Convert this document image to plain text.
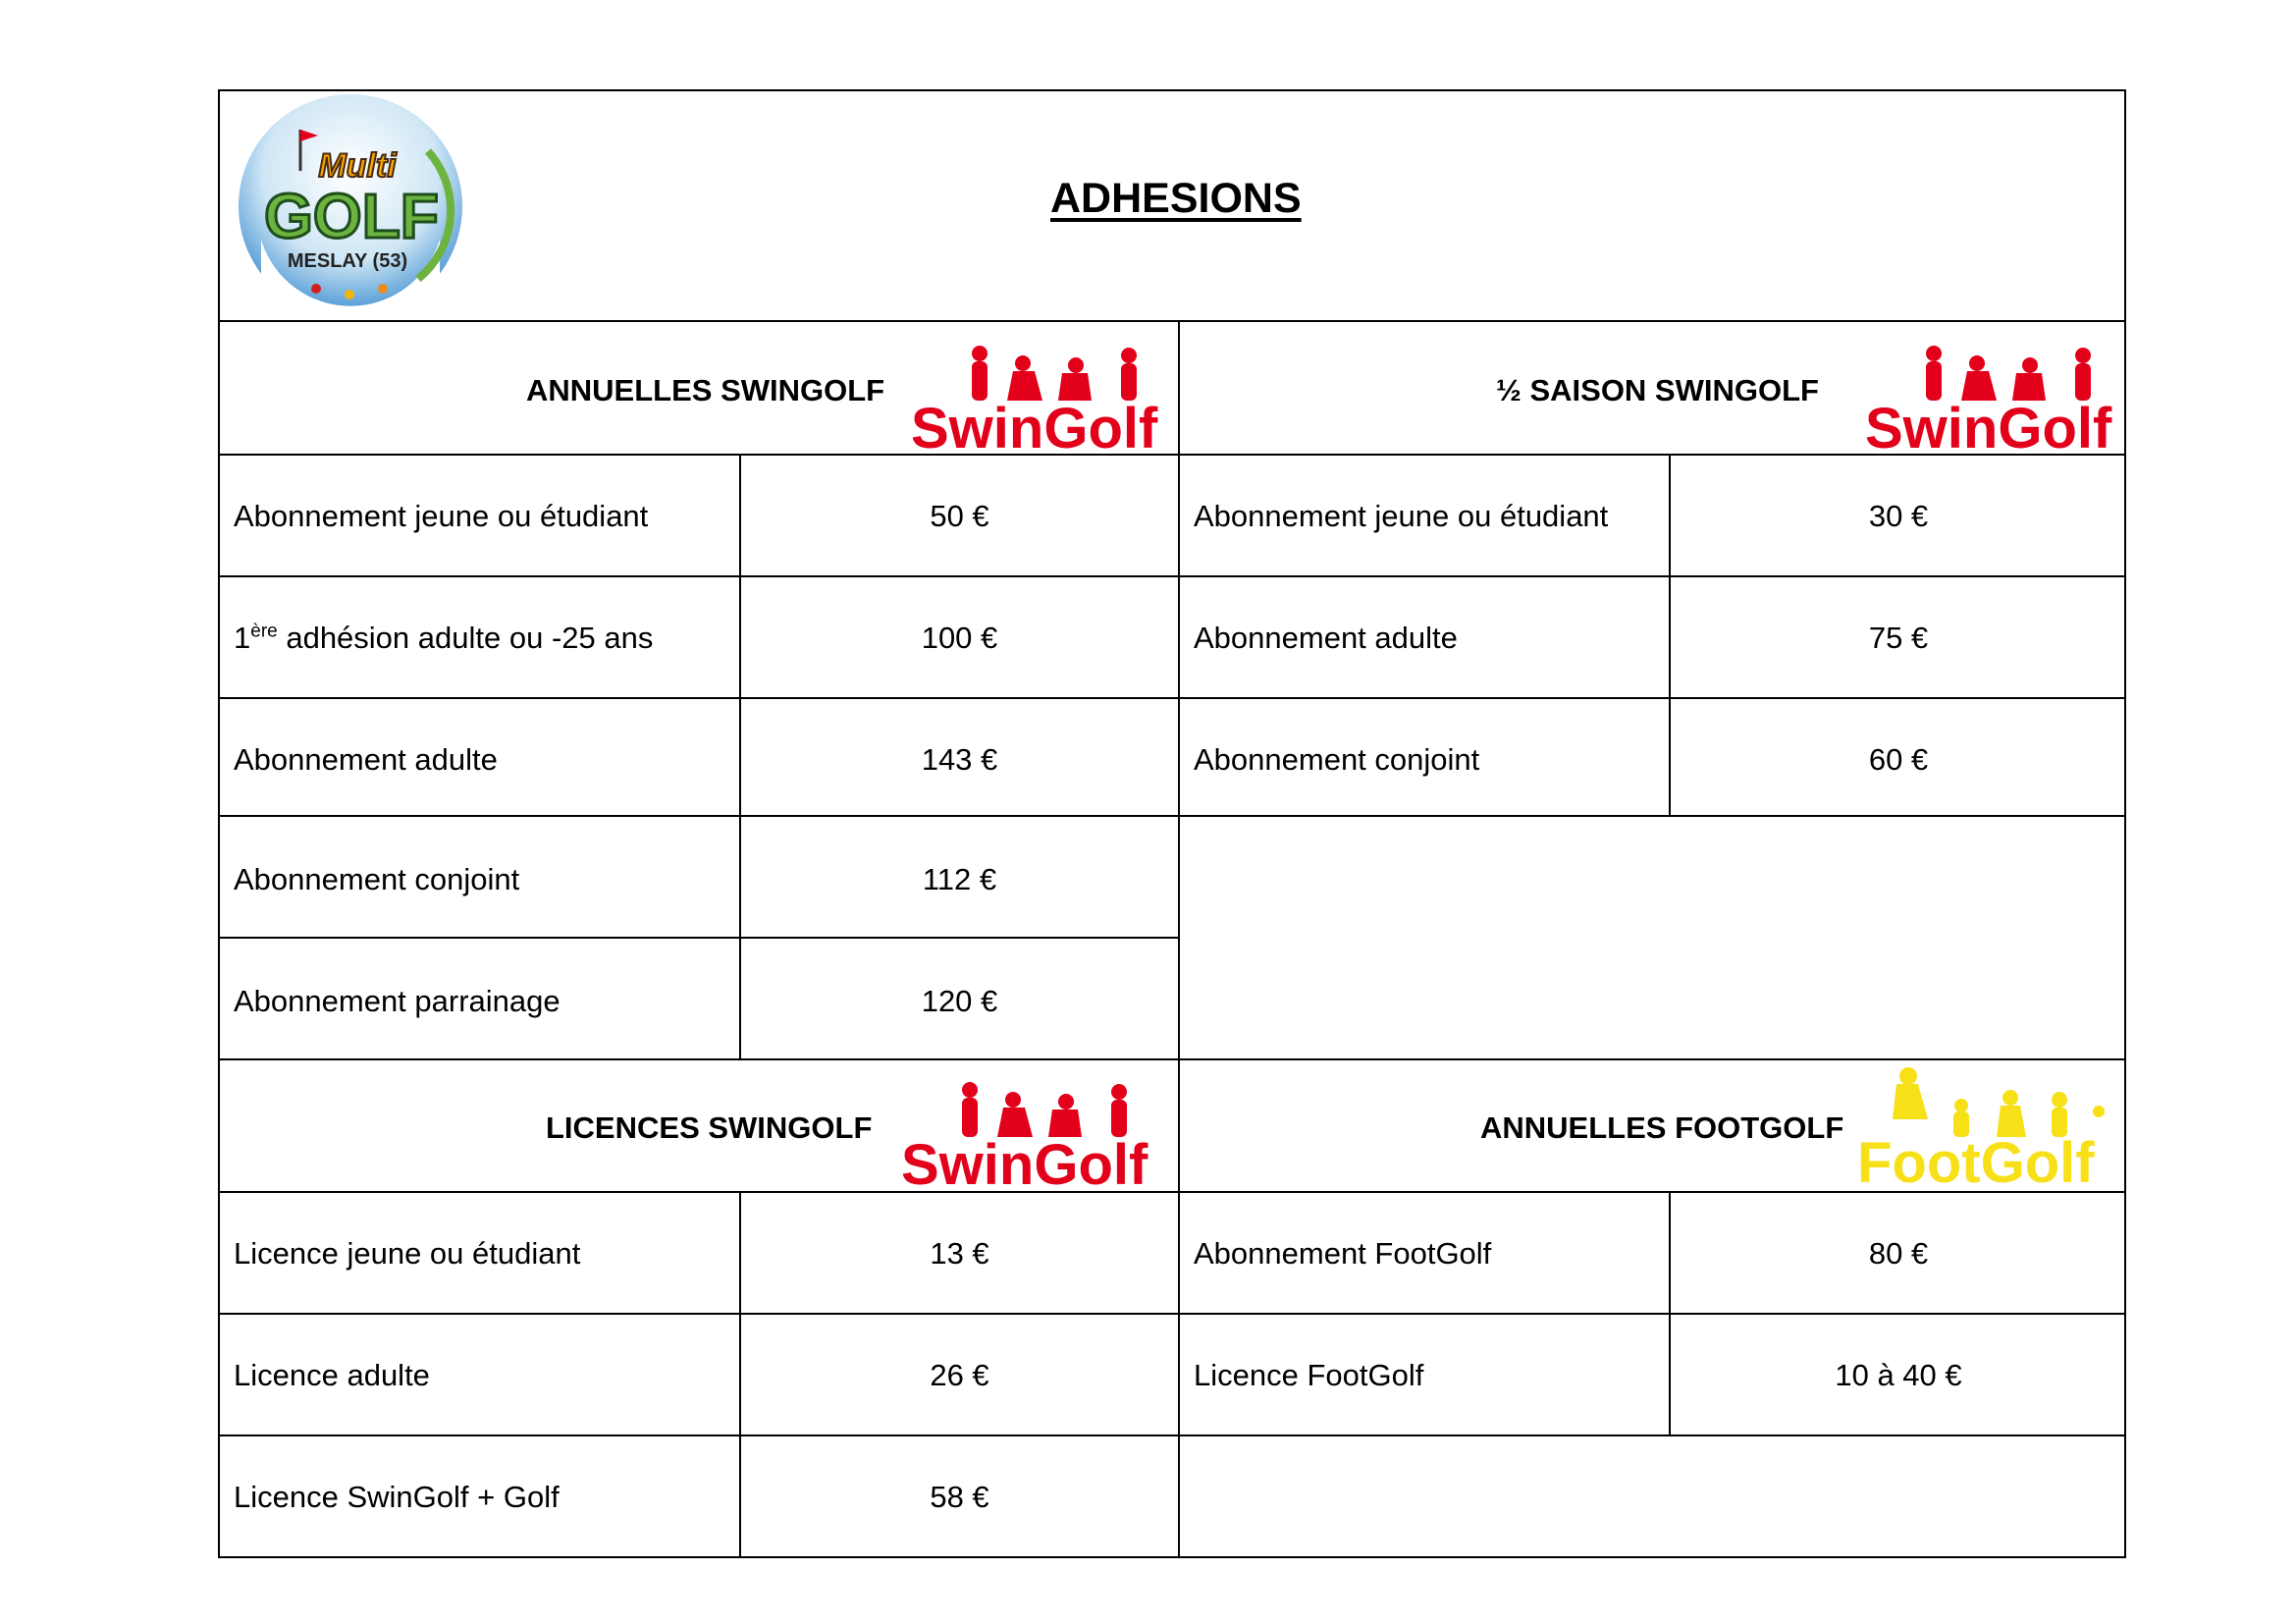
Multi
GOLF
MESLAY (53)
ADHESIONS
ANNUELLES SWINGOLF	½ SAISON SWINGOLF
LICENCES SWINGOLF	ANNUELLES FOOTGOLF
SwinGolf	SwinGolf
SwinGolf	FootGolf
Abonnement jeune ou étudiant	50 €
1ère adhésion adulte ou -25 ans	100 €
Abonnement adulte	143 €
Abonnement conjoint	112 €
Abonnement parrainage	120 €
Abonnement jeune ou étudiant	30 €
Abonnement adulte	75 €
Abonnement conjoint	60 €
Licence jeune ou étudiant	13 €
Licence adulte	26 €
Licence SwinGolf + Golf	58 €
Abonnement FootGolf	80 €
Licence FootGolf	10 à 40 €
